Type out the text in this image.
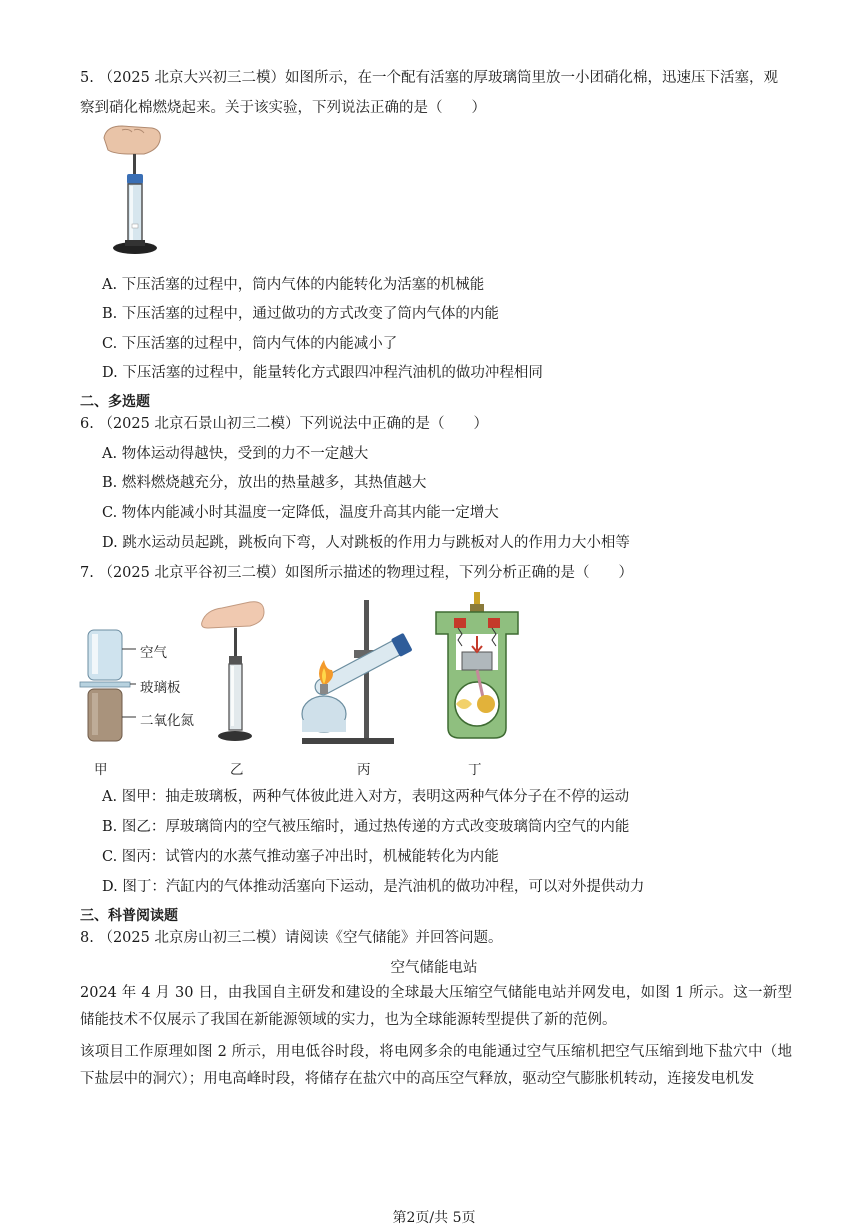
5. （2025 北京大兴初三二模）如图所示，在一个配有活塞的厚玻璃筒里放一小团硝化棉，迅速压下活塞，观
察到硝化棉燃烧起来。关于该实验，下列说法正确的是（　　）
A. 下压活塞的过程中，筒内气体的内能转化为活塞的机械能
B. 下压活塞的过程中，通过做功的方式改变了筒内气体的内能
C. 下压活塞的过程中，筒内气体的内能减小了
D. 下压活塞的过程中，能量转化方式跟四冲程汽油机的做功冲程相同
二、多选题
6. （2025 北京石景山初三二模）下列说法中正确的是（　　）
A. 物体运动得越快，受到的力不一定越大
B. 燃料燃烧越充分，放出的热量越多，其热值越大
C. 物体内能减小时其温度一定降低，温度升高其内能一定增大
D. 跳水运动员起跳，跳板向下弯，人对跳板的作用力与跳板对人的作用力大小相等
7. （2025 北京平谷初三二模）如图所示描述的物理过程，下列分析正确的是（　　）
空气
玻璃板
二氧化氮
甲	乙	丙	丁
A. 图甲：抽走玻璃板，两种气体彼此进入对方，表明这两种气体分子在不停的运动
B. 图乙：厚玻璃筒内的空气被压缩时，通过热传递的方式改变玻璃筒内空气的内能
C. 图丙：试管内的水蒸气推动塞子冲出时，机械能转化为内能
D. 图丁：汽缸内的气体推动活塞向下运动，是汽油机的做功冲程，可以对外提供动力
三、科普阅读题
8. （2025 北京房山初三二模）请阅读《空气储能》并回答问题。
空气储能电站
2024 年 4 月 30 日，由我国自主研发和建设的全球最大压缩空气储能电站并网发电，如图 1 所示。这一新型储能技术不仅展示了我国在新能源领域的实力，也为全球能源转型提供了新的范例。
该项目工作原理如图 2 所示，用电低谷时段，将电网多余的电能通过空气压缩机把空气压缩到地下盐穴中（地下盐层中的洞穴）；用电高峰时段，将储存在盐穴中的高压空气释放，驱动空气膨胀机转动，连接发电机发
第2页/共 5页
